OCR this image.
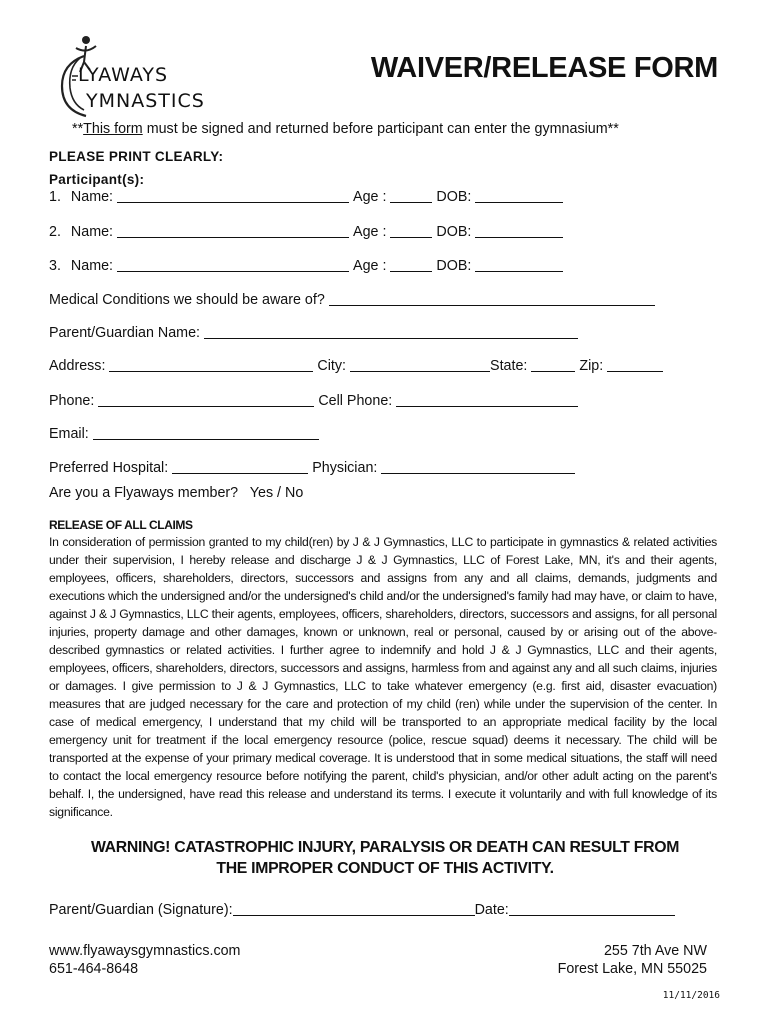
LYAWAYS
YMNASTICS
WAIVER/RELEASE FORM
**This form must be signed and returned before participant can enter the gymnasium**
PLEASE PRINT CLEARLY:
Participant(s):
1.
Name:	Age :	DOB:
2.
Name:	Age :	DOB:
3.
Name:	Age :	DOB:
Medical Conditions we should be aware of?
Parent/Guardian Name:
Address:	City:	State:	Zip:
Phone:	Cell Phone:
Email:
Preferred Hospital:	Physician:
Are you a Flyaways member?   Yes / No
RELEASE OF ALL CLAIMS
In consideration of permission granted to my child(ren) by J & J Gymnastics, LLC to participate in gymnastics & related activities under their supervision, I hereby release and discharge J & J Gymnastics, LLC of Forest Lake, MN, it's and their agents, employees, officers, shareholders, directors, successors and assigns from any and all claims, demands, judgments and executions which the undersigned and/or the undersigned's child and/or the undersigned's family had may have, or claim to have, against J & J Gymnastics, LLC their agents, employees, officers, shareholders, directors, successors and assigns, for all personal injuries, property damage and other damages, known or unknown, real or personal, caused by or arising out of the above-described gymnastics or related activities. I further agree to indemnify and hold J & J Gymnastics, LLC and their agents, employees, officers, shareholders, directors, successors and assigns, harmless from and against any and all such claims, injuries or damages. I give permission to J & J Gymnastics, LLC to take whatever emergency (e.g. first aid, disaster evacuation) measures that are judged necessary for the care and protection of my child (ren) while under the supervision of the center. In case of medical emergency, I understand that my child will be transported to an appropriate medical facility by the local emergency unit for treatment if the local emergency resource (police, rescue squad) deems it necessary. The child will be transported at the expense of your primary medical coverage. It is understood that in some medical situations, the staff will need to contact the local emergency resource before notifying the parent, child's physician, and/or other adult acting on the parent's behalf. I, the undersigned, have read this release and understand its terms. I execute it voluntarily and with full knowledge of its significance.
WARNING! CATASTROPHIC INJURY, PARALYSIS OR DEATH CAN RESULT FROM
THE IMPROPER CONDUCT OF THIS ACTIVITY.
Parent/Guardian (Signature):	Date:
www.flyawaysgymnastics.com
651-464-8648
255 7th Ave NW
Forest Lake, MN 55025
11/11/2016
